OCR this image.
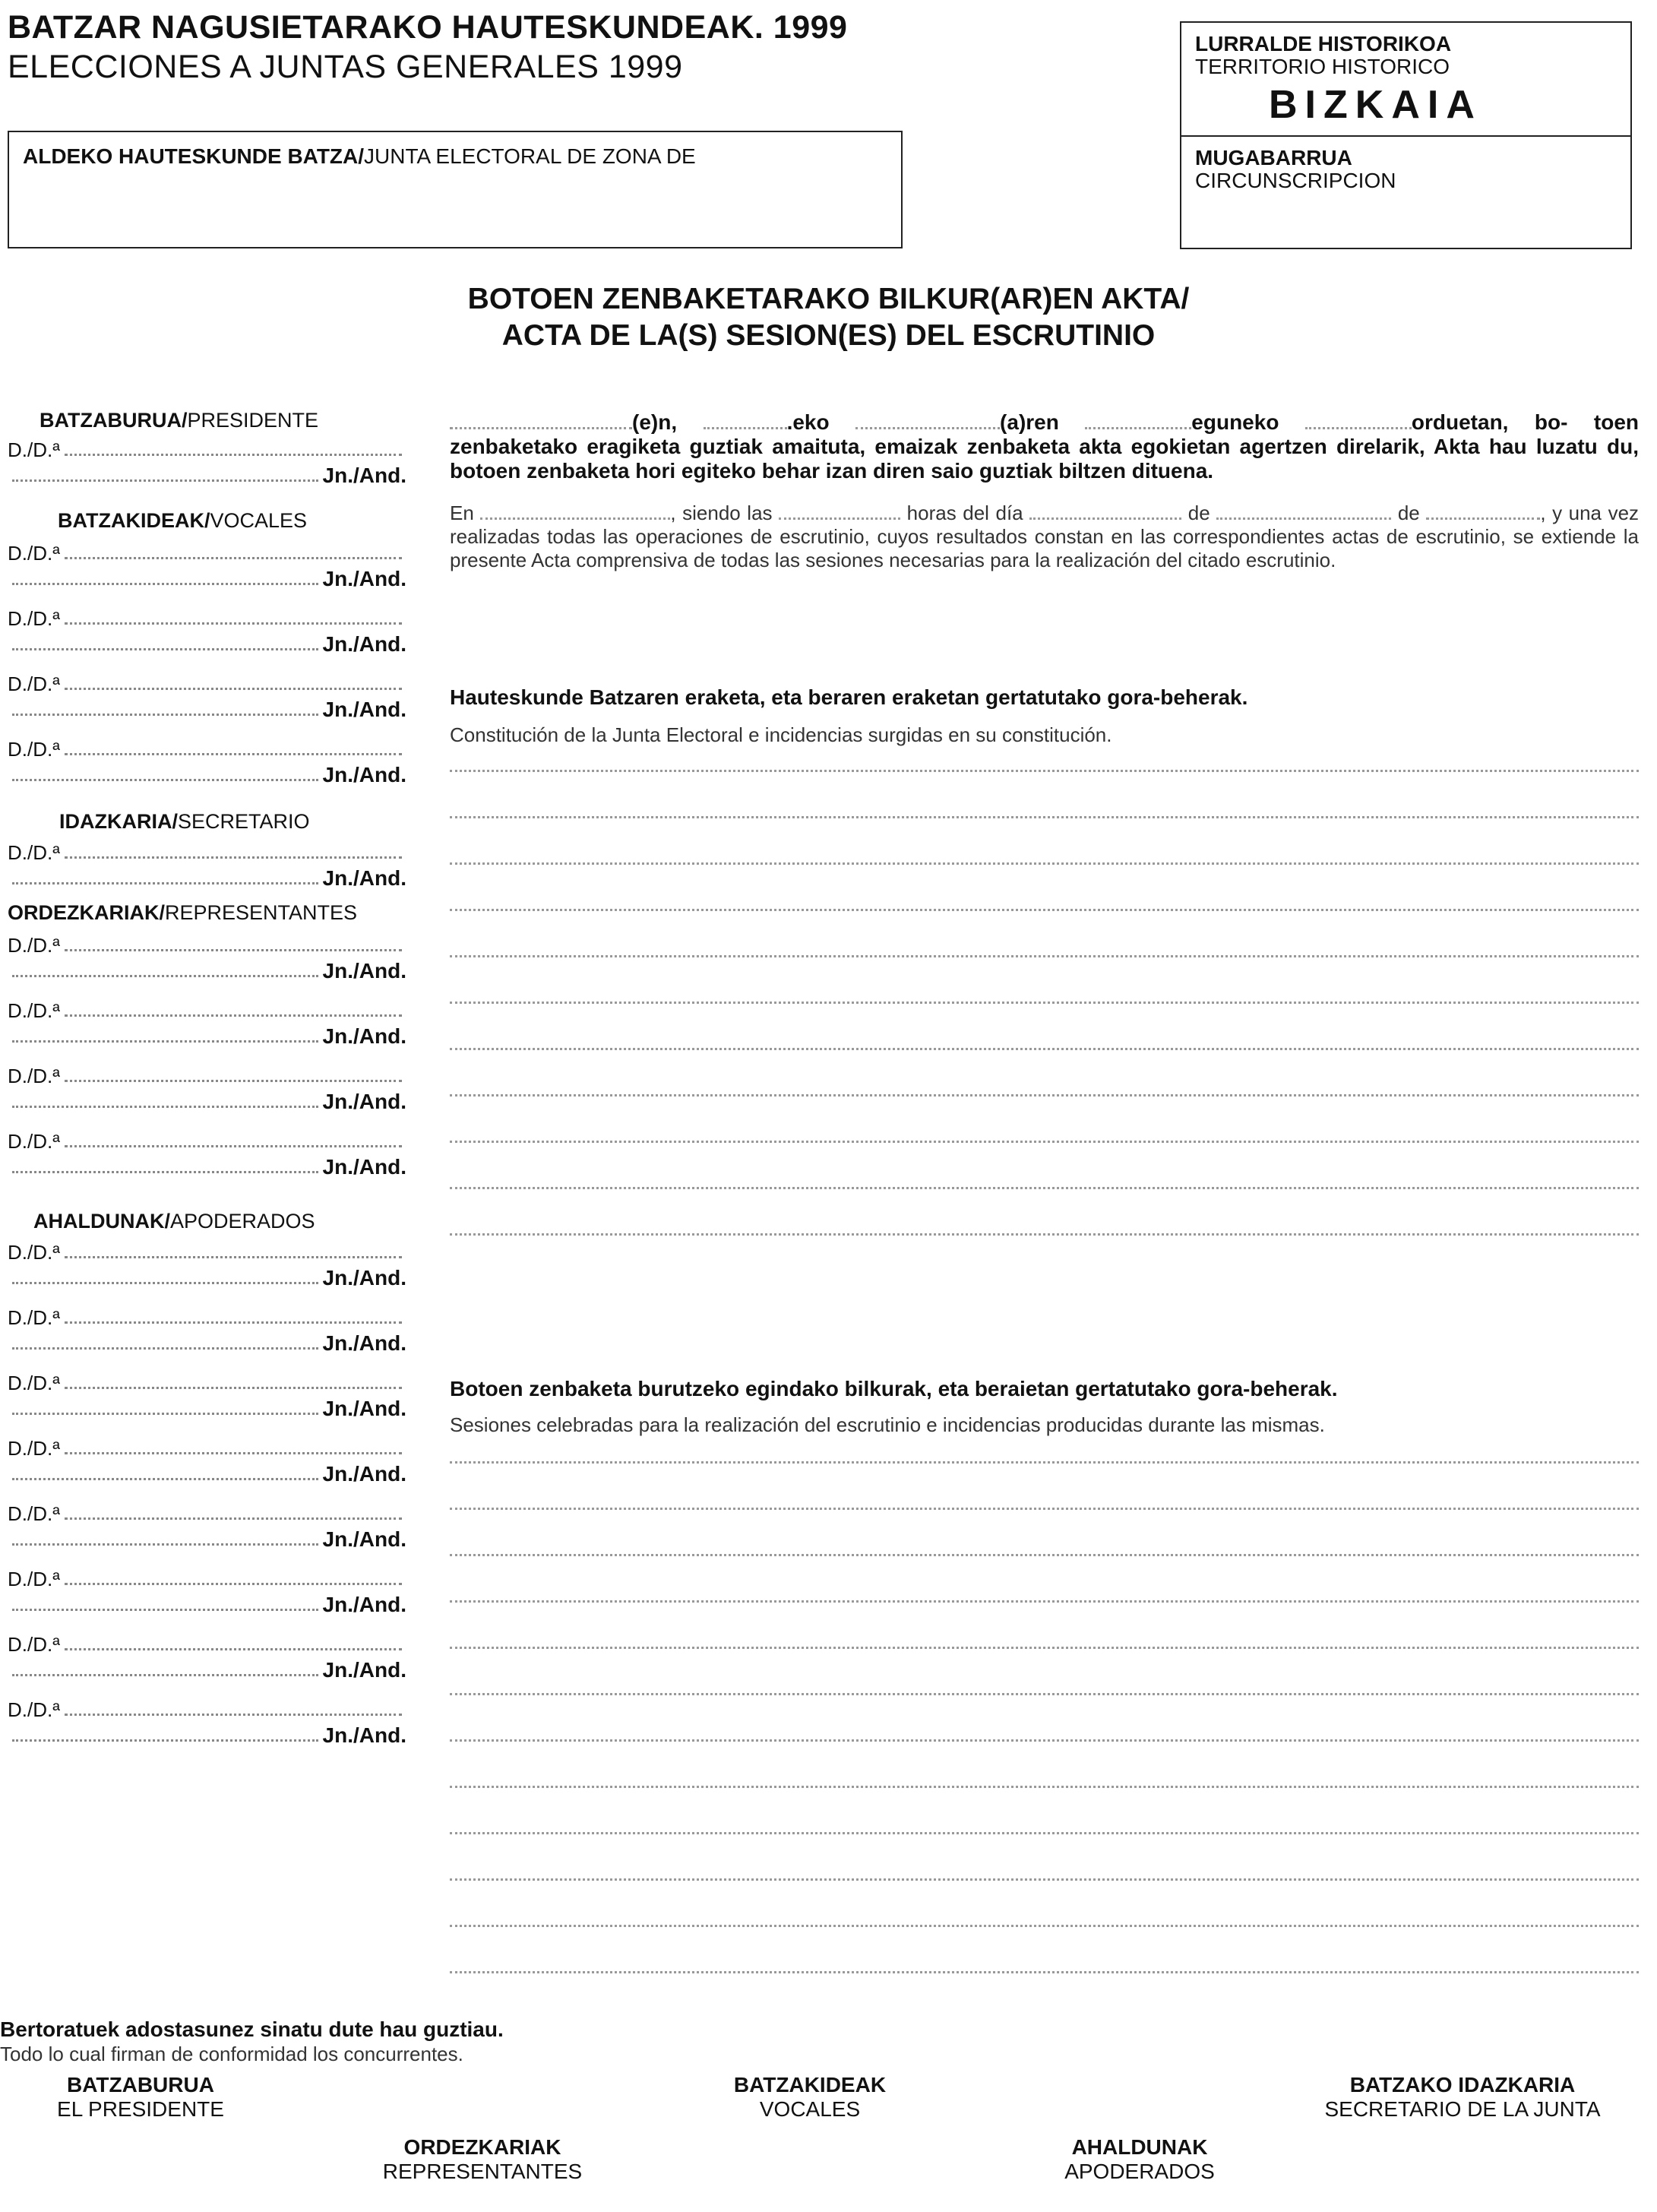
BATZAR NAGUSIETARAKO HAUTESKUNDEAK. 1999
ELECCIONES A JUNTAS GENERALES 1999
ALDEKO HAUTESKUNDE BATZA/JUNTA ELECTORAL DE ZONA DE
LURRALDE HISTORIKOA
TERRITORIO HISTORICO
BIZKAIA
MUGABARRUA
CIRCUNSCRIPCION
BOTOEN ZENBAKETARAKO BILKUR(AR)EN AKTA/
ACTA DE LA(S) SESION(ES) DEL ESCRUTINIO
BATZABURUA/PRESIDENTE
D./D.ª
Jn./And.
BATZAKIDEAK/VOCALES
D./D.ª
Jn./And.
D./D.ª
Jn./And.
D./D.ª
Jn./And.
D./D.ª
Jn./And.
IDAZKARIA/SECRETARIO
D./D.ª
Jn./And.
ORDEZKARIAK/REPRESENTANTES
D./D.ª
Jn./And.
D./D.ª
Jn./And.
D./D.ª
Jn./And.
D./D.ª
Jn./And.
AHALDUNAK/APODERADOS
D./D.ª
Jn./And.
D./D.ª
Jn./And.
D./D.ª
Jn./And.
D./D.ª
Jn./And.
D./D.ª
Jn./And.
D./D.ª
Jn./And.
D./D.ª
Jn./And.
D./D.ª
Jn./And.
(e)n,	.eko	(a)ren	eguneko	orduetan, bo- toen zenbaketako eragiketa guztiak amaituta, emaizak zenbaketa akta egokietan agertzen direlarik, Akta hau luzatu du, botoen zenbaketa hori egiteko behar izan diren saio guztiak biltzen dituena.
En	, siendo las	horas del día	de	de	, y una vez realizadas todas las operaciones de escrutinio, cuyos resultados constan en las correspondientes actas de escrutinio, se extiende la presente Acta comprensiva de todas las sesiones necesarias para la realización del citado escrutinio.
Hauteskunde Batzaren eraketa, eta beraren eraketan gertatutako gora-beherak.
Constitución de la Junta Electoral e incidencias surgidas en su constitución.
Botoen zenbaketa burutzeko egindako bilkurak, eta beraietan gertatutako gora-beherak.
Sesiones celebradas para la realización del escrutinio e incidencias producidas durante las mismas.
Bertoratuek adostasunez sinatu dute hau guztiau.
Todo lo cual firman de conformidad los concurrentes.
BATZABURUA
EL PRESIDENTE
BATZAKIDEAK
VOCALES
BATZAKO IDAZKARIA
SECRETARIO DE LA JUNTA
ORDEZKARIAK
REPRESENTANTES
AHALDUNAK
APODERADOS
